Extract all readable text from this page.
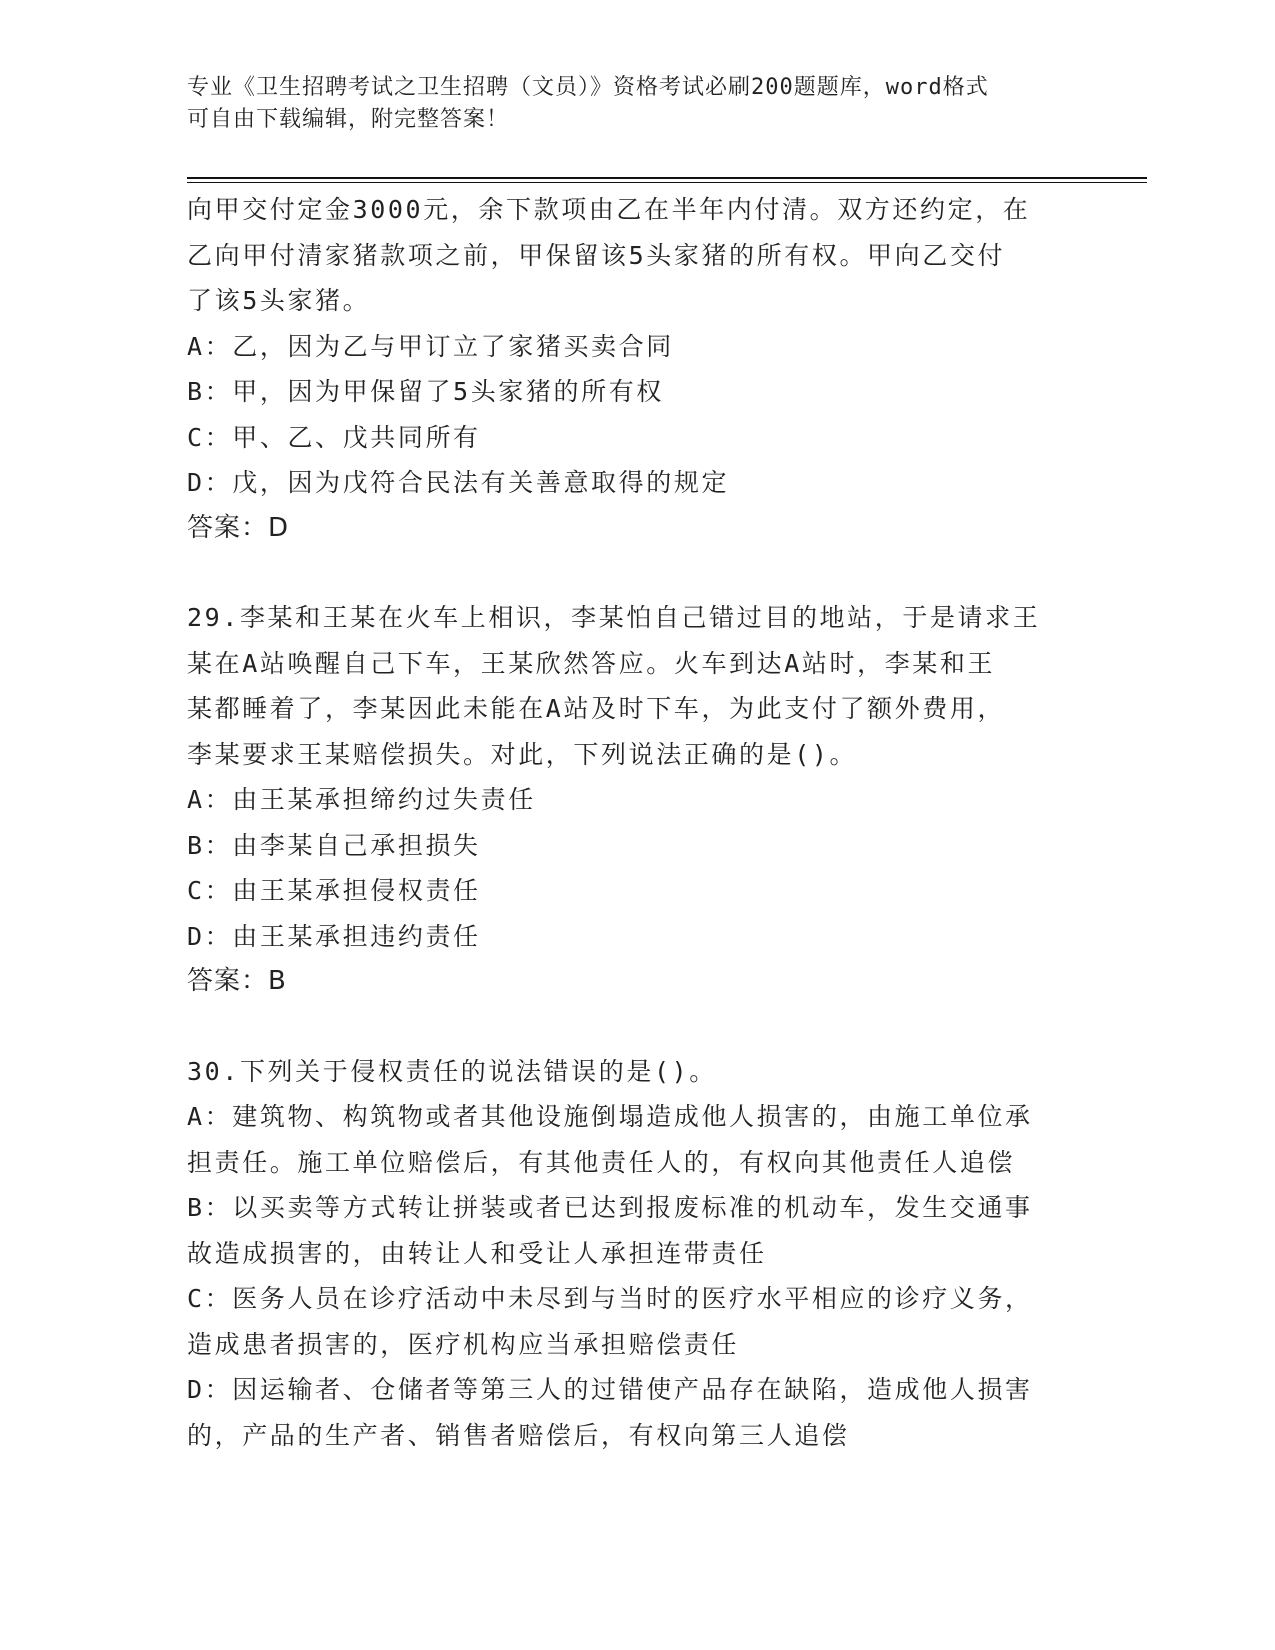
专业《卫生招聘考试之卫生招聘（文员）》资格考试必刷200题题库，word格式
可自由下载编辑，附完整答案！
向甲交付定金3000元，余下款项由乙在半年内付清。双方还约定，在
乙向甲付清家猪款项之前，甲保留该5头家猪的所有权。甲向乙交付
了该5头家猪。
A：乙，因为乙与甲订立了家猪买卖合同
B：甲，因为甲保留了5头家猪的所有权
C：甲、乙、戊共同所有
D：戊，因为戊符合民法有关善意取得的规定
答案：D
29.李某和王某在火车上相识，李某怕自己错过目的地站，于是请求王
某在A站唤醒自己下车，王某欣然答应。火车到达A站时，李某和王
某都睡着了，李某因此未能在A站及时下车，为此支付了额外费用，
李某要求王某赔偿损失。对此，下列说法正确的是()。
A：由王某承担缔约过失责任
B：由李某自己承担损失
C：由王某承担侵权责任
D：由王某承担违约责任
答案：B
30.下列关于侵权责任的说法错误的是()。
A：建筑物、构筑物或者其他设施倒塌造成他人损害的，由施工单位承
担责任。施工单位赔偿后，有其他责任人的，有权向其他责任人追偿
B：以买卖等方式转让拼装或者已达到报废标准的机动车，发生交通事
故造成损害的，由转让人和受让人承担连带责任
C：医务人员在诊疗活动中未尽到与当时的医疗水平相应的诊疗义务，
造成患者损害的，医疗机构应当承担赔偿责任
D：因运输者、仓储者等第三人的过错使产品存在缺陷，造成他人损害
的，产品的生产者、销售者赔偿后，有权向第三人追偿
